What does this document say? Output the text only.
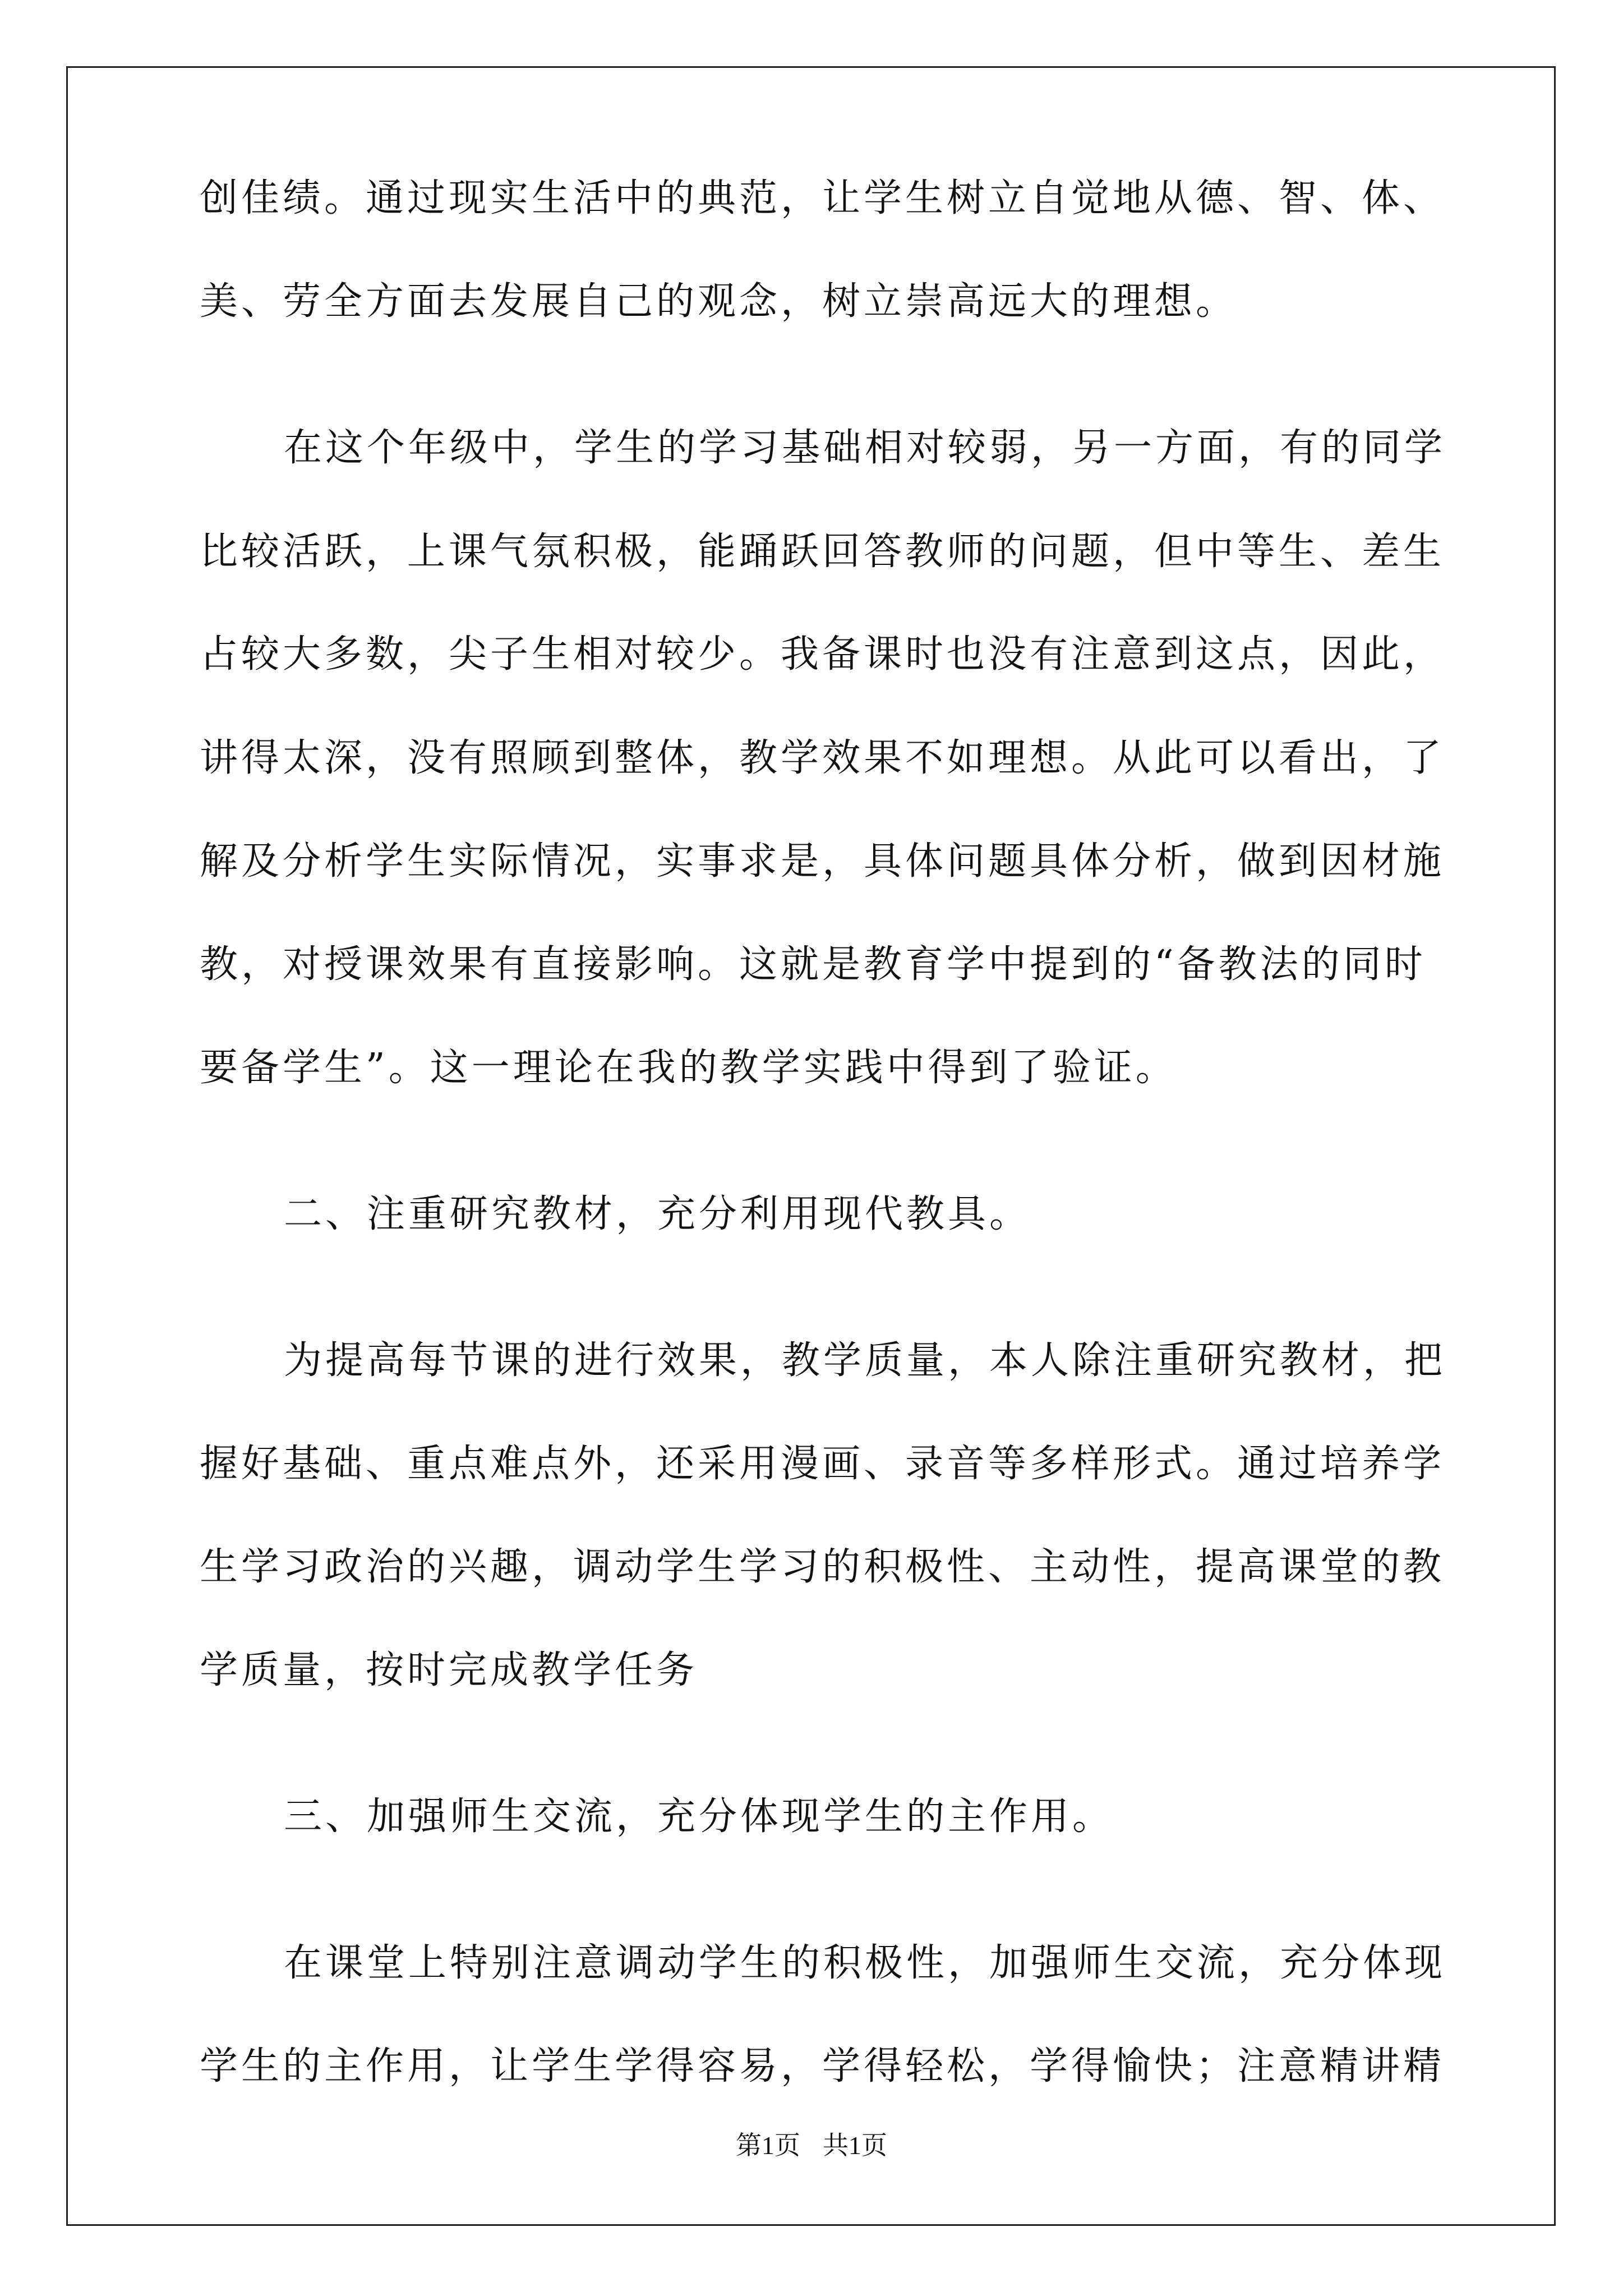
创佳绩。通过现实生活中的典范，让学生树立自觉地从德、智、体、
美、劳全方面去发展自己的观念，树立崇高远大的理想。
在这个年级中，学生的学习基础相对较弱，另一方面，有的同学
比较活跃，上课气氛积极，能踊跃回答教师的问题，但中等生、差生
占较大多数，尖子生相对较少。我备课时也没有注意到这点，因此，
讲得太深，没有照顾到整体，教学效果不如理想。从此可以看出，了
解及分析学生实际情况，实事求是，具体问题具体分析，做到因材施
教，对授课效果有直接影响。这就是教育学中提到的“备教法的同时
要备学生”。这一理论在我的教学实践中得到了验证。
二、注重研究教材，充分利用现代教具。
为提高每节课的进行效果，教学质量，本人除注重研究教材，把
握好基础、重点难点外，还采用漫画、录音等多样形式。通过培养学
生学习政治的兴趣，调动学生学习的积极性、主动性，提高课堂的教
学质量，按时完成教学任务
三、加强师生交流，充分体现学生的主作用。
在课堂上特别注意调动学生的积极性，加强师生交流，充分体现
学生的主作用，让学生学得容易，学得轻松，学得愉快；注意精讲精
第1页 共1页
